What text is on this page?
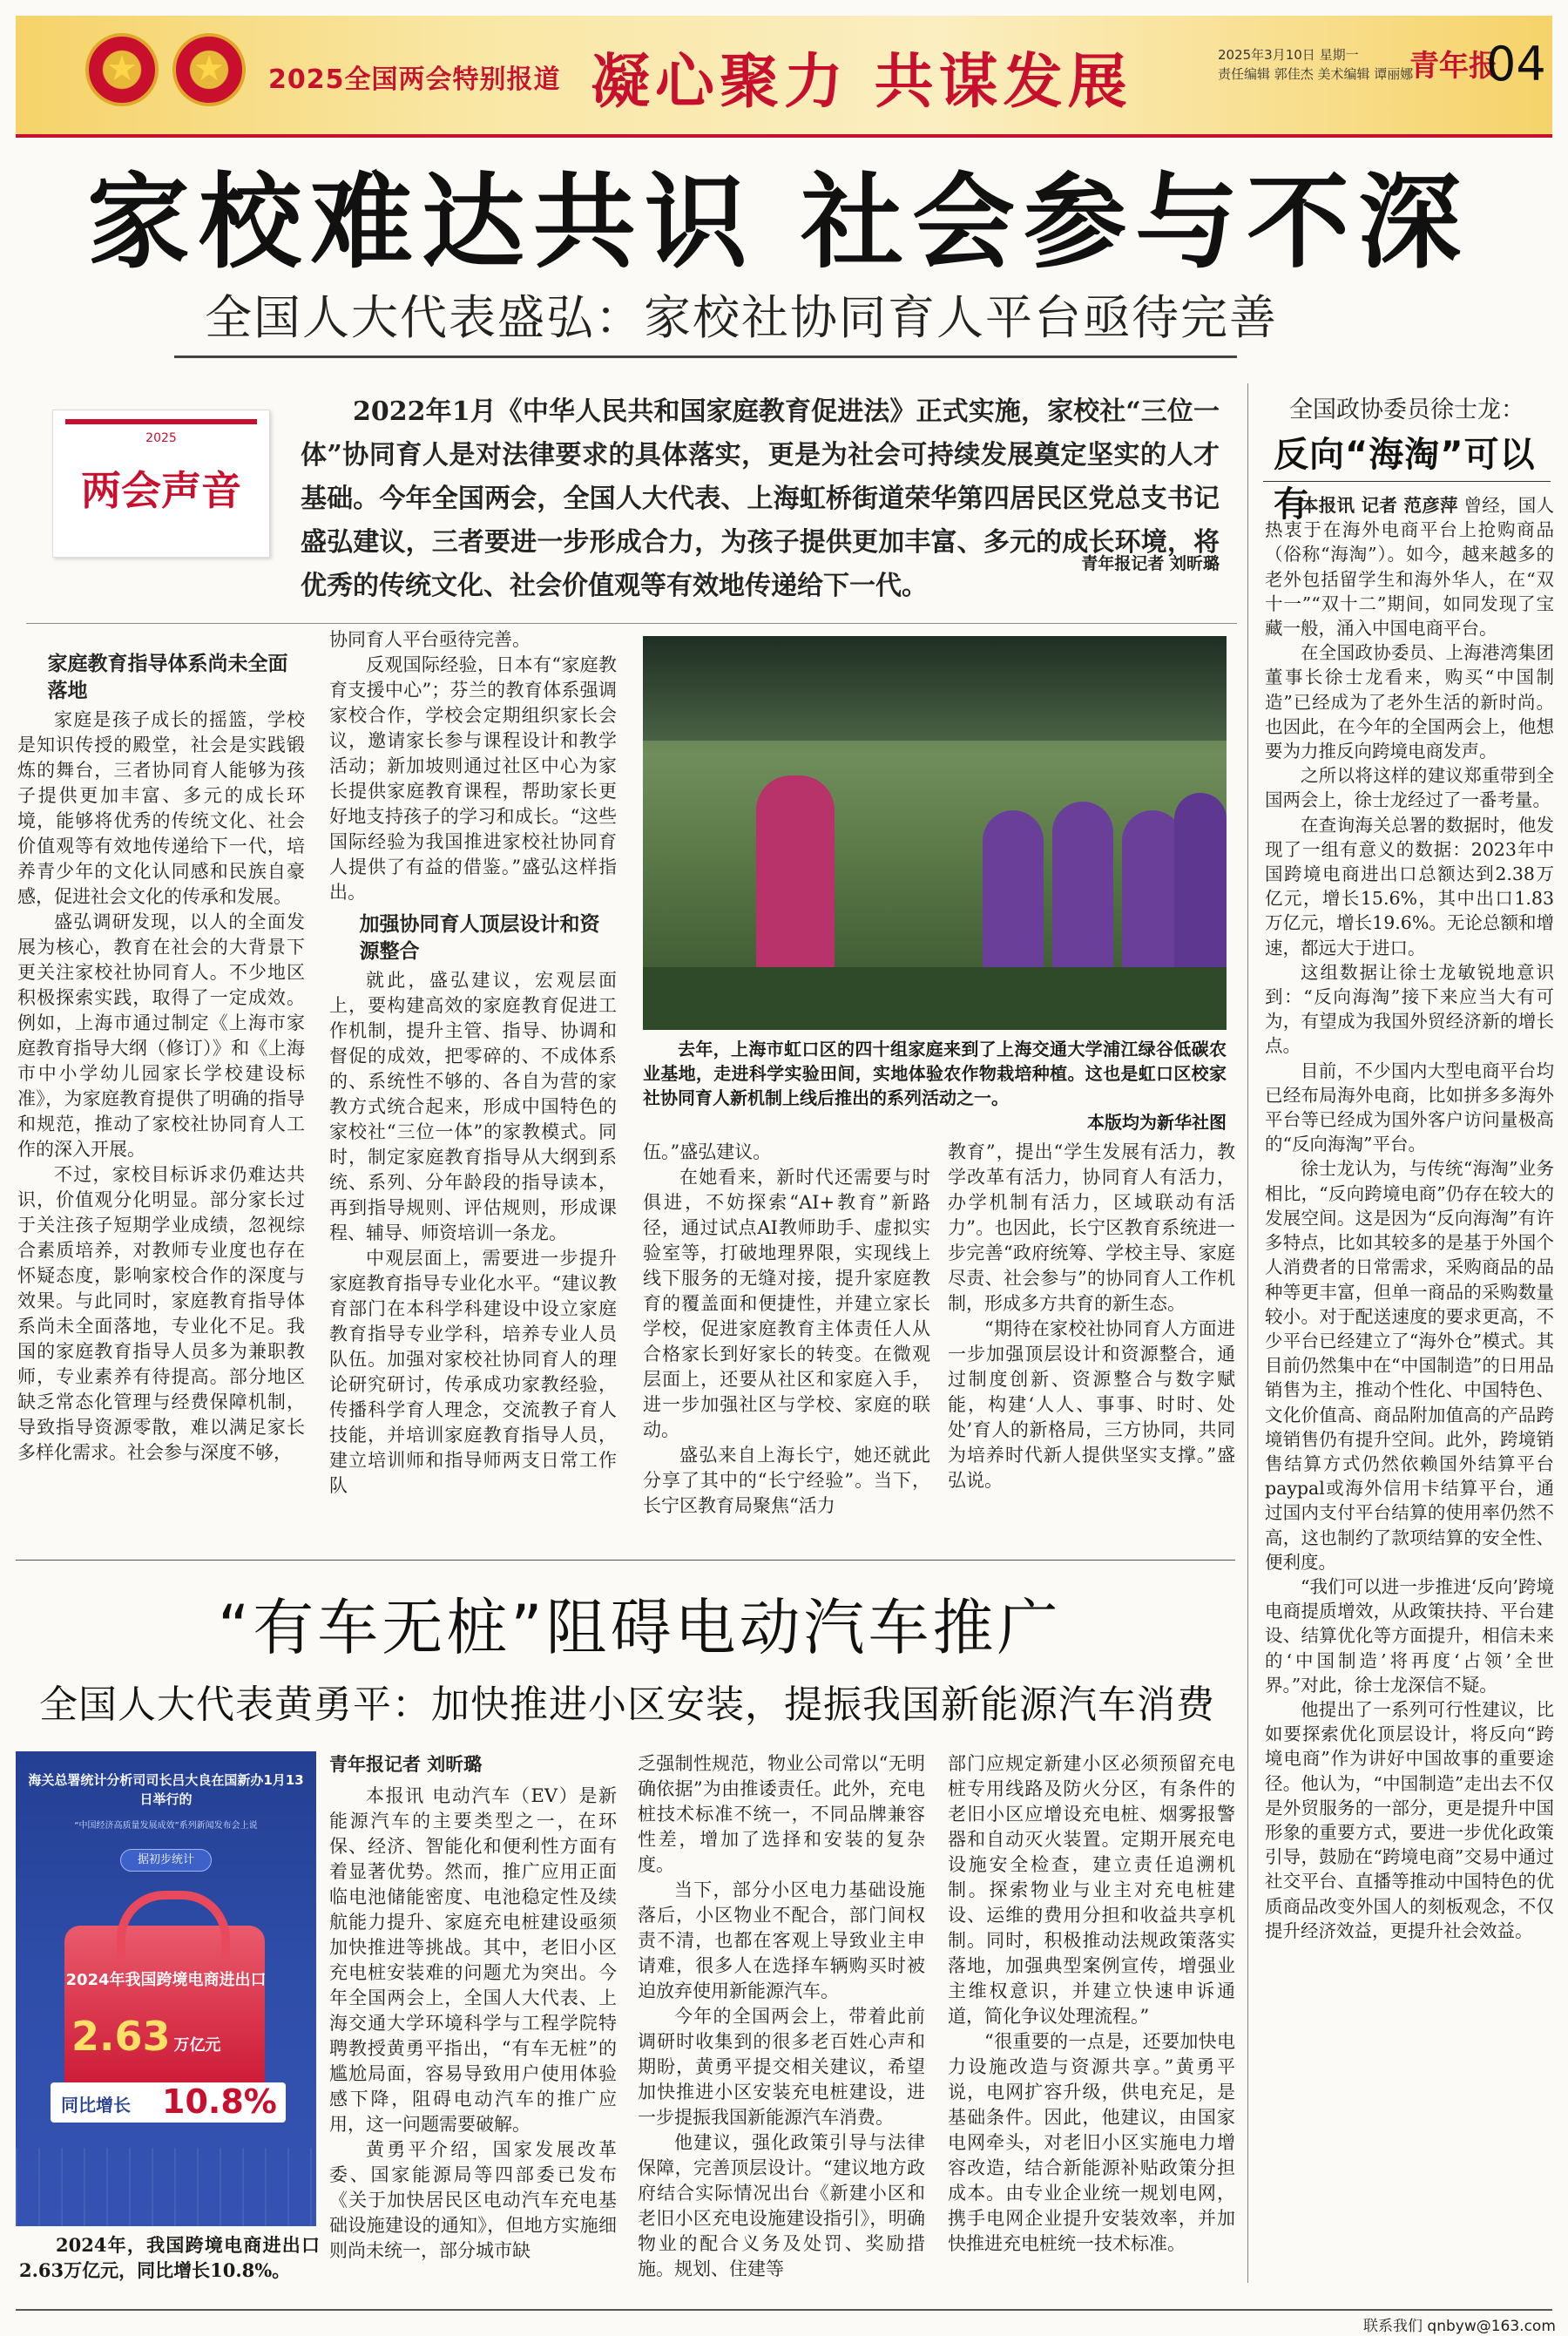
★
★
2025全国两会特别报道 凝心聚力 共谋发展	2025年3月10日 星期一
责任编辑 郭佳杰 美术编辑 谭丽娜
青年报
04
家校难达共识 社会参与不深
全国人大代表盛弘：家校社协同育人平台亟待完善
2025
两会声音

2022年1月《中华人民共和国家庭教育促进法》正式实施，家校社“三位一体”协同育人是对法律要求的具体落实，更是为社会可持续发展奠定坚实的人才基础。今年全国两会，全国人大代表、上海虹桥街道荣华第四居民区党总支书记盛弘建议，三者要进一步形成合力，为孩子提供更加丰富、多元的成长环境，将优秀的传统文化、社会价值观等有效地传递给下一代。

青年报记者 刘昕璐
家庭教育指导体系尚未全面落地

家庭是孩子成长的摇篮，学校是知识传授的殿堂，社会是实践锻炼的舞台，三者协同育人能够为孩子提供更加丰富、多元的成长环境，能够将优秀的传统文化、社会价值观等有效地传递给下一代，培养青少年的文化认同感和民族自豪感，促进社会文化的传承和发展。

盛弘调研发现，以人的全面发展为核心，教育在社会的大背景下更关注家校社协同育人。不少地区积极探索实践，取得了一定成效。例如，上海市通过制定《上海市家庭教育指导大纲（修订）》和《上海市中小学幼儿园家长学校建设标准》，为家庭教育提供了明确的指导和规范，推动了家校社协同育人工作的深入开展。

不过，家校目标诉求仍难达共识，价值观分化明显。部分家长过于关注孩子短期学业成绩，忽视综合素质培养，对教师专业度也存在怀疑态度，影响家校合作的深度与效果。与此同时，家庭教育指导体系尚未全面落地，专业化不足。我国的家庭教育指导人员多为兼职教师，专业素养有待提高。部分地区缺乏常态化管理与经费保障机制，导致指导资源零散，难以满足家长多样化需求。社会参与深度不够，

协同育人平台亟待完善。

反观国际经验，日本有“家庭教育支援中心”；芬兰的教育体系强调家校合作，学校会定期组织家长会议，邀请家长参与课程设计和教学活动；新加坡则通过社区中心为家长提供家庭教育课程，帮助家长更好地支持孩子的学习和成长。“这些国际经验为我国推进家校社协同育人提供了有益的借鉴。”盛弘这样指出。

加强协同育人顶层设计和资源整合

就此，盛弘建议，宏观层面上，要构建高效的家庭教育促进工作机制，提升主管、指导、协调和督促的成效，把零碎的、不成体系的、系统性不够的、各自为营的家教方式统合起来，形成中国特色的家校社“三位一体”的家教模式。同时，制定家庭教育指导从大纲到系统、系列、分年龄段的指导读本，再到指导规则、评估规则，形成课程、辅导、师资培训一条龙。

中观层面上，需要进一步提升家庭教育指导专业化水平。“建议教育部门在本科学科建设中设立家庭教育指导专业学科，培养专业人员队伍。加强对家校社协同育人的理论研究研讨，传承成功家教经验，传播科学育人理念，交流教子育人技能，并培训家庭教育指导人员，建立培训师和指导师两支日常工作队

去年，上海市虹口区的四十组家庭来到了上海交通大学浦江绿谷低碳农业基地，走进科学实验田间，实地体验农作物栽培种植。这也是虹口区校家社协同育人新机制上线后推出的系列活动之一。

本版均为新华社图

伍。”盛弘建议。

在她看来，新时代还需要与时俱进，不妨探索“AI+教育”新路径，通过试点AI教师助手、虚拟实验室等，打破地理界限，实现线上线下服务的无缝对接，提升家庭教育的覆盖面和便捷性，并建立家长学校，促进家庭教育主体责任人从合格家长到好家长的转变。在微观层面上，还要从社区和家庭入手，进一步加强社区与学校、家庭的联动。

盛弘来自上海长宁，她还就此分享了其中的“长宁经验”。当下，长宁区教育局聚焦“活力

教育”，提出“学生发展有活力，教学改革有活力，协同育人有活力，办学机制有活力，区域联动有活力”。也因此，长宁区教育系统进一步完善“政府统筹、学校主导、家庭尽责、社会参与”的协同育人工作机制，形成多方共育的新生态。

“期待在家校社协同育人方面进一步加强顶层设计和资源整合，通过制度创新、资源整合与数字赋能，构建‘人人、事事、时时、处处’育人的新格局，三方协同，共同为培养时代新人提供坚实支撑。”盛弘说。

全国政协委员徐士龙：
反向“海淘”可以有

本报讯 记者 范彦萍 曾经，国人热衷于在海外电商平台上抢购商品（俗称“海淘”）。如今，越来越多的老外包括留学生和海外华人，在“双十一”“双十二”期间，如同发现了宝藏一般，涌入中国电商平台。

在全国政协委员、上海港湾集团董事长徐士龙看来，购买“中国制造”已经成为了老外生活的新时尚。也因此，在今年的全国两会上，他想要为力推反向跨境电商发声。

之所以将这样的建议郑重带到全国两会上，徐士龙经过了一番考量。

在查询海关总署的数据时，他发现了一组有意义的数据：2023年中国跨境电商进出口总额达到2.38万亿元，增长15.6%，其中出口1.83万亿元，增长19.6%。无论总额和增速，都远大于进口。

这组数据让徐士龙敏锐地意识到：“反向海淘”接下来应当大有可为，有望成为我国外贸经济新的增长点。

目前，不少国内大型电商平台均已经布局海外电商，比如拼多多海外平台等已经成为国外客户访问量极高的“反向海淘”平台。

徐士龙认为，与传统“海淘”业务相比，“反向跨境电商”仍存在较大的发展空间。这是因为“反向海淘”有许多特点，比如其较多的是基于外国个人消费者的日常需求，采购商品的品种等更丰富，但单一商品的采购数量较小。对于配送速度的要求更高，不少平台已经建立了“海外仓”模式。其目前仍然集中在“中国制造”的日用品销售为主，推动个性化、中国特色、文化价值高、商品附加值高的产品跨境销售仍有提升空间。此外，跨境销售结算方式仍然依赖国外结算平台paypal或海外信用卡结算平台，通过国内支付平台结算的使用率仍然不高，这也制约了款项结算的安全性、便利度。

“我们可以进一步推进‘反向’跨境电商提质增效，从政策扶持、平台建设、结算优化等方面提升，相信未来的‘中国制造’将再度‘占领’全世界。”对此，徐士龙深信不疑。

他提出了一系列可行性建议，比如要探索优化顶层设计，将反向“跨境电商”作为讲好中国故事的重要途径。他认为，“中国制造”走出去不仅是外贸服务的一部分，更是提升中国形象的重要方式，要进一步优化政策引导，鼓励在“跨境电商”交易中通过社交平台、直播等推动中国特色的优质商品改变外国人的刻板观念，不仅提升经济效益，更提升社会效益。

“有车无桩”阻碍电动汽车推广
全国人大代表黄勇平：加快推进小区安装，提振我国新能源汽车消费
海关总署统计分析司司长吕大良在国新办1月13日举行的
“中国经济高质量发展成效”系列新闻发布会上说
据初步统计
2024年我国跨境电商进出口
2.63 万亿元
同比增长 10.8%

2024年，我国跨境电商进出口2.63万亿元，同比增长10.8%。

青年报记者 刘昕璐

本报讯 电动汽车（EV）是新能源汽车的主要类型之一，在环保、经济、智能化和便利性方面有着显著优势。然而，推广应用正面临电池储能密度、电池稳定性及续航能力提升、家庭充电桩建设亟须加快推进等挑战。其中，老旧小区充电桩安装难的问题尤为突出。今年全国两会上，全国人大代表、上海交通大学环境科学与工程学院特聘教授黄勇平指出，“有车无桩”的尴尬局面，容易导致用户使用体验感下降，阻碍电动汽车的推广应用，这一问题需要破解。

黄勇平介绍，国家发展改革委、国家能源局等四部委已发布《关于加快居民区电动汽车充电基础设施建设的通知》，但地方实施细则尚未统一，部分城市缺

乏强制性规范，物业公司常以“无明确依据”为由推诿责任。此外，充电桩技术标准不统一，不同品牌兼容性差，增加了选择和安装的复杂度。

当下，部分小区电力基础设施落后，小区物业不配合，部门间权责不清，也都在客观上导致业主申请难，很多人在选择车辆购买时被迫放弃使用新能源汽车。

今年的全国两会上，带着此前调研时收集到的很多老百姓心声和期盼，黄勇平提交相关建议，希望加快推进小区安装充电桩建设，进一步提振我国新能源汽车消费。

他建议，强化政策引导与法律保障，完善顶层设计。“建议地方政府结合实际情况出台《新建小区和老旧小区充电设施建设指引》，明确物业的配合义务及处罚、奖励措施。规划、住建等

部门应规定新建小区必须预留充电桩专用线路及防火分区，有条件的老旧小区应增设充电桩、烟雾报警器和自动灭火装置。定期开展充电设施安全检查，建立责任追溯机制。探索物业与业主对充电桩建设、运维的费用分担和收益共享机制。同时，积极推动法规政策落实落地，加强典型案例宣传，增强业主维权意识，并建立快速申诉通道，简化争议处理流程。”

“很重要的一点是，还要加快电力设施改造与资源共享。”黄勇平说，电网扩容升级，供电充足，是基础条件。因此，他建议，由国家电网牵头，对老旧小区实施电力增容改造，结合新能源补贴政策分担成本。由专业企业统一规划电网，携手电网企业提升安装效率，并加快推进充电桩统一技术标准。

联系我们 qnbyw@163.com
